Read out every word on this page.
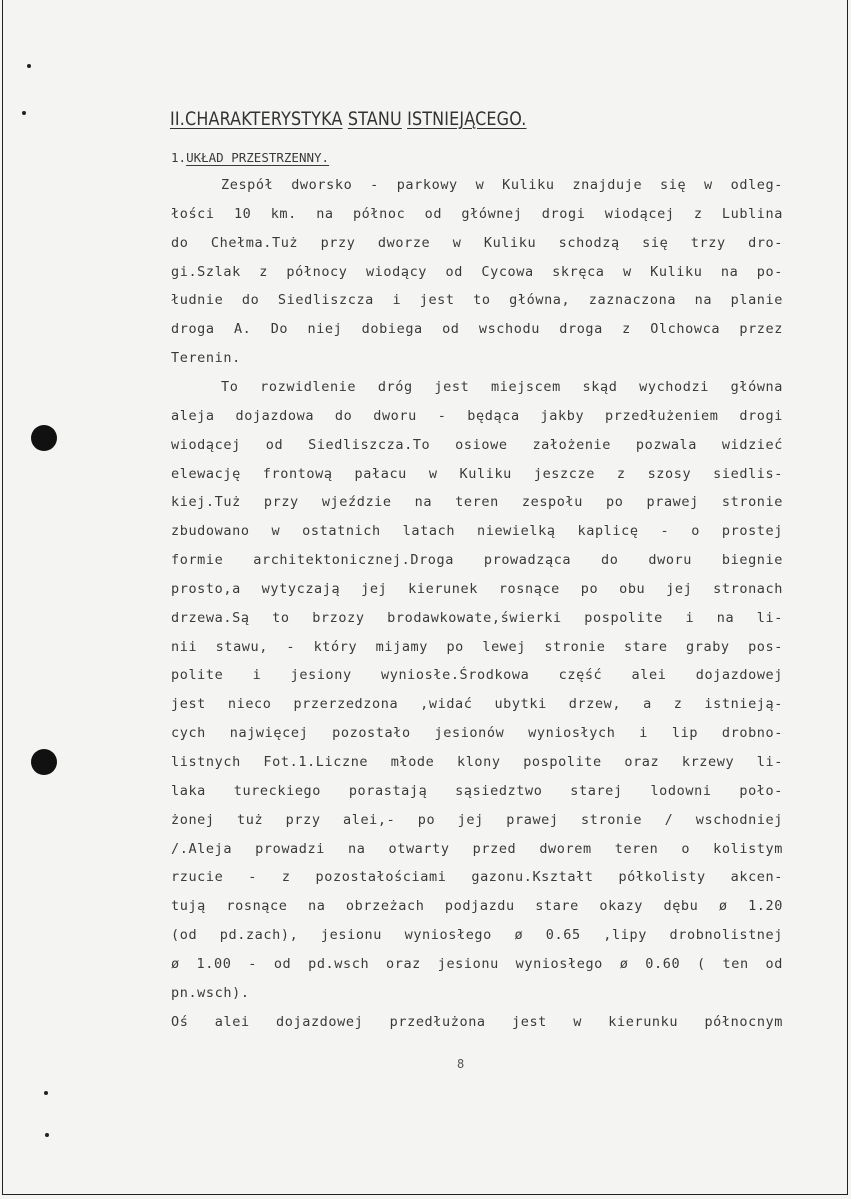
II.CHARAKTERYSTYKA STANU ISTNIEJĄCEGO.
1.UKŁAD PRZESTRZENNY.
Zespół dworsko - parkowy w Kuliku znajduje się w odleg-
łości 10 km. na północ od głównej drogi wiodącej z Lublina
do Chełma.Tuż przy dworze w Kuliku schodzą się trzy dro-
gi.Szlak z północy wiodący od Cycowa skręca w Kuliku na po-
łudnie do Siedliszcza i jest to główna, zaznaczona na planie
droga A. Do niej dobiega od wschodu droga z Olchowca przez
Terenin.
To rozwidlenie dróg jest miejscem skąd wychodzi główna
aleja dojazdowa do dworu - będąca jakby przedłużeniem drogi
wiodącej od Siedliszcza.To osiowe założenie pozwala widzieć
elewację frontową pałacu w Kuliku jeszcze z szosy siedlis-
kiej.Tuż przy wjeździe na teren zespołu po prawej stronie
zbudowano w ostatnich latach niewielką kaplicę - o prostej
formie architektonicznej.Droga prowadząca do dworu biegnie
prosto,a wytyczają jej kierunek rosnące po obu jej stronach
drzewa.Są to brzozy brodawkowate,świerki pospolite i na li-
nii stawu, - który mijamy po lewej stronie stare graby pos-
polite i jesiony wyniosłe.Środkowa część alei dojazdowej
jest nieco przerzedzona ,widać ubytki drzew, a z istnieją-
cych najwięcej pozostało jesionów wyniosłych i lip drobno-
listnych Fot.1.Liczne młode klony pospolite oraz krzewy li-
laka tureckiego porastają sąsiedztwo starej lodowni poło-
żonej tuż przy alei,- po jej prawej stronie / wschodniej
/.Aleja prowadzi na otwarty przed dworem teren o kolistym
rzucie - z pozostałościami gazonu.Kształt półkolisty akcen-
tują rosnące na obrzeżach podjazdu stare okazy dębu ø 1.20
(od pd.zach), jesionu wyniosłego ø 0.65 ,lipy drobnolistnej
ø 1.00 - od pd.wsch oraz jesionu wyniosłego ø 0.60 ( ten od
pn.wsch).
Oś alei dojazdowej przedłużona jest w kierunku północnym
8
